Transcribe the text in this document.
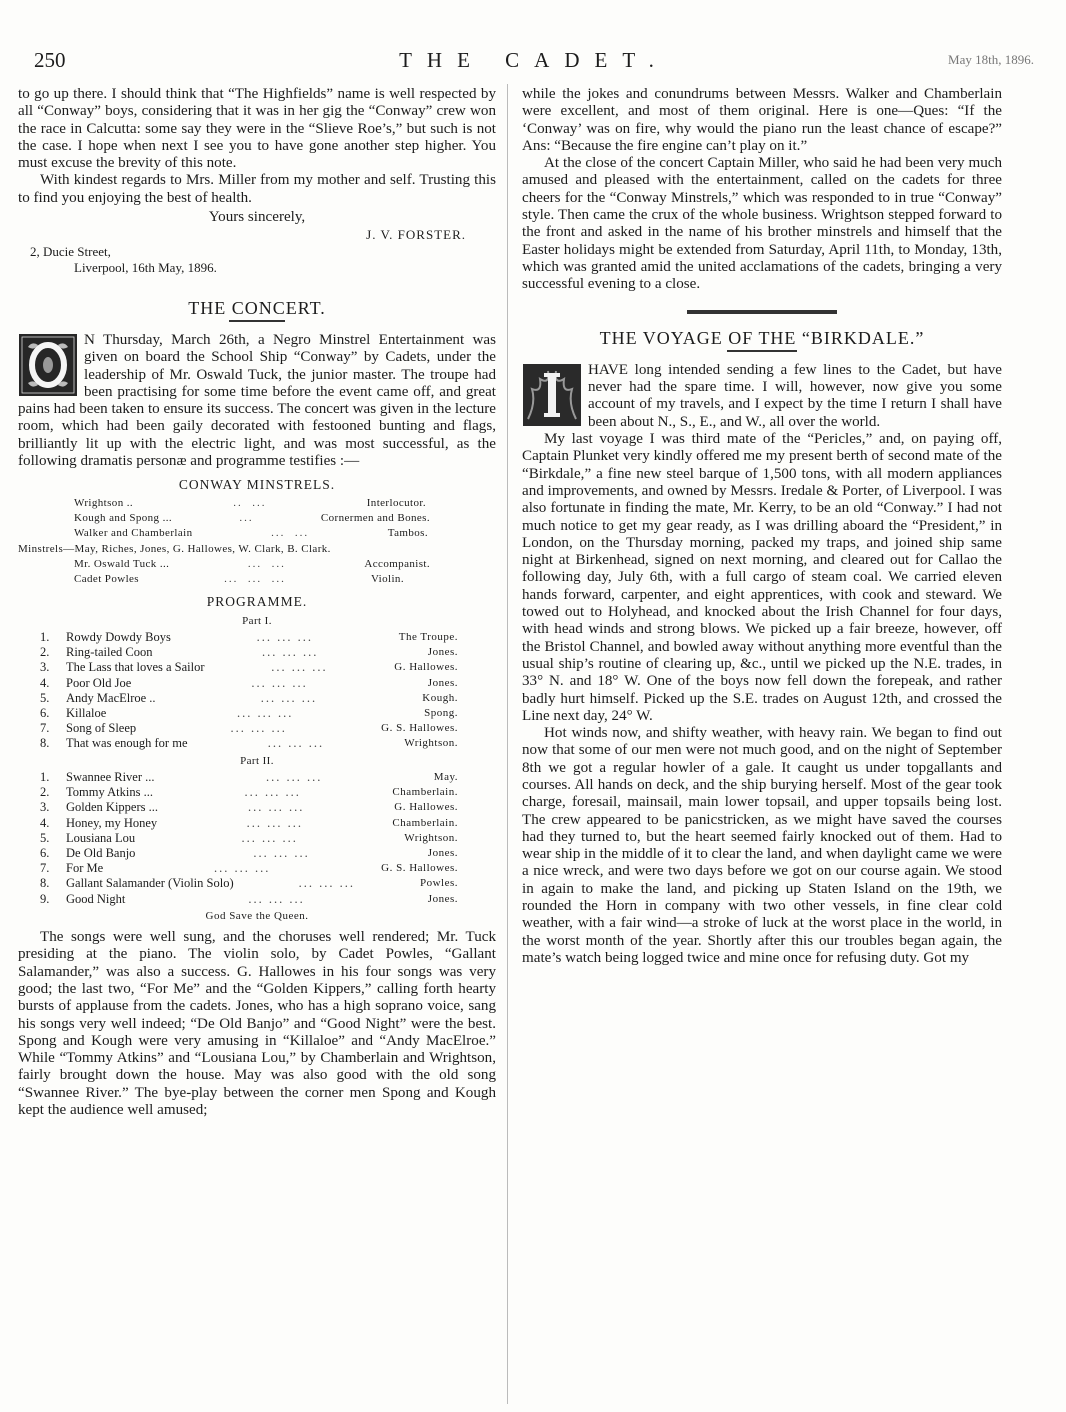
250	THE CADET.	May 18th, 1896.

to go up there. I should think that “The Highfields” name is well respected by all “Conway” boys, considering that it was in her gig the “Conway” crew won the race in Calcutta: some say they were in the “Slieve Roe’s,” but such is not the case. I hope when next I see you to have gone another step higher. You must excuse the brevity of this note.

With kindest regards to Mrs. Miller from my mother and self. Trusting this to find you enjoying the best of health.

Yours sincerely,
J. V. FORSTER.
2, Ducie Street,
Liverpool, 16th May, 1896.
THE CONCERT.

N Thursday, March 26th, a Negro Minstrel Entertainment was given on board the School Ship “Conway” by Cadets, under the leadership of Mr. Oswald Tuck, the junior master. The troupe had been practising for some time before the event came off, and great pains had been taken to ensure its success. The concert was given in the lecture room, which had been gaily decorated with festooned bunting and flags, brilliantly lit up with the electric light, and was most successful, as the following dramatis personæ and programme testifies :—

CONWAY MINSTRELS.
Wrightson ..	..  ...	Interlocutor.
Kough and Spong ...	...	Cornermen and Bones.
Walker and Chamberlain	...  ...	Tambos.
Minstrels—May, Riches, Jones, G. Hallowes, W. Clark, B. Clark.
Mr. Oswald Tuck ...	...  ...	Accompanist.
Cadet Powles	...  ...  ...	Violin.
PROGRAMME.
Part I.
1.	Rowdy Dowdy Boys	... ... ...	The Troupe.
2.	Ring-tailed Coon	... ... ...	Jones.
3.	The Lass that loves a Sailor	... ... ...	G. Hallowes.
4.	Poor Old Joe	... ... ...	Jones.
5.	Andy MacElroe ..	... ... ...	Kough.
6.	Killaloe	... ... ...	Spong.
7.	Song of Sleep	... ... ...	G. S. Hallowes.
8.	That was enough for me	... ... ...	Wrightson.
Part II.
1.	Swannee River ...	... ... ...	May.
2.	Tommy Atkins ...	... ... ...	Chamberlain.
3.	Golden Kippers ...	... ... ...	G. Hallowes.
4.	Honey, my Honey	... ... ...	Chamberlain.
5.	Lousiana Lou	... ... ...	Wrightson.
6.	De Old Banjo	... ... ...	Jones.
7.	For Me	... ... ...	G. S. Hallowes.
8.	Gallant Salamander (Violin Solo)	... ... ...	Powles.
9.	Good Night	... ... ...	Jones.
God Save the Queen.

The songs were well sung, and the choruses well rendered; Mr. Tuck presiding at the piano. The violin solo, by Cadet Powles, “Gallant Salamander,” was also a success. G. Hallowes in his four songs was very good; the last two, “For Me” and the “Golden Kippers,” calling forth hearty bursts of applause from the cadets. Jones, who has a high soprano voice, sang his songs very well indeed; “De Old Banjo” and “Good Night” were the best. Spong and Kough were very amusing in “Killaloe” and “Andy MacElroe.” While “Tommy Atkins” and “Lousiana Lou,” by Chamberlain and Wrightson, fairly brought down the house. May was also good with the old song “Swannee River.” The bye-play between the corner men Spong and Kough kept the audience well amused;

while the jokes and conundrums between Messrs. Walker and Chamberlain were excellent, and most of them original. Here is one—Ques: “If the ‘Conway’ was on fire, why would the piano run the least chance of escape?” Ans: “Because the fire engine can’t play on it.”

At the close of the concert Captain Miller, who said he had been very much amused and pleased with the entertainment, called on the cadets for three cheers for the “Conway Minstrels,” which was responded to in true “Conway” style. Then came the crux of the whole business. Wrightson stepped forward to the front and asked in the name of his brother minstrels and himself that the Easter holidays might be extended from Saturday, April 11th, to Monday, 13th, which was granted amid the united acclamations of the cadets, bringing a very successful evening to a close.

THE VOYAGE OF THE “BIRKDALE.”

HAVE long intended sending a few lines to the Cadet, but have never had the spare time. I will, however, now give you some account of my travels, and I expect by the time I return I shall have been about N., S., E., and W., all over the world.

My last voyage I was third mate of the “Pericles,” and, on paying off, Captain Plunket very kindly offered me my present berth of second mate of the “Birkdale,” a fine new steel barque of 1,500 tons, with all modern appliances and improvements, and owned by Messrs. Iredale & Porter, of Liverpool. I was also fortunate in finding the mate, Mr. Kerry, to be an old “Conway.” I had not much notice to get my gear ready, as I was drilling aboard the “President,” in London, on the Thursday morning, packed my traps, and joined ship same night at Birkenhead, signed on next morning, and cleared out for Callao the following day, July 6th, with a full cargo of steam coal. We carried eleven hands forward, carpenter, and eight apprentices, with cook and steward. We towed out to Holyhead, and knocked about the Irish Channel for four days, with head winds and strong blows. We picked up a fair breeze, however, off the Bristol Channel, and bowled away without anything more eventful than the usual ship’s routine of clearing up, &c., until we picked up the N.E. trades, in 33° N. and 18° W. One of the boys now fell down the forepeak, and rather badly hurt himself. Picked up the S.E. trades on August 12th, and crossed the Line next day, 24° W.

Hot winds now, and shifty weather, with heavy rain. We began to find out now that some of our men were not much good, and on the night of September 8th we got a regular howler of a gale. It caught us under topgallants and courses. All hands on deck, and the ship burying herself. Most of the gear took charge, foresail, mainsail, main lower topsail, and upper topsails being lost. The crew appeared to be panicstricken, as we might have saved the courses had they turned to, but the heart seemed fairly knocked out of them. Had to wear ship in the middle of it to clear the land, and when daylight came we were a nice wreck, and were two days before we got on our course again. We stood in again to make the land, and picking up Staten Island on the 19th, we rounded the Horn in company with two other vessels, in fine clear cold weather, with a fair wind—a stroke of luck at the worst place in the world, in the worst month of the year. Shortly after this our troubles began again, the mate’s watch being logged twice and mine once for refusing duty. Got my
